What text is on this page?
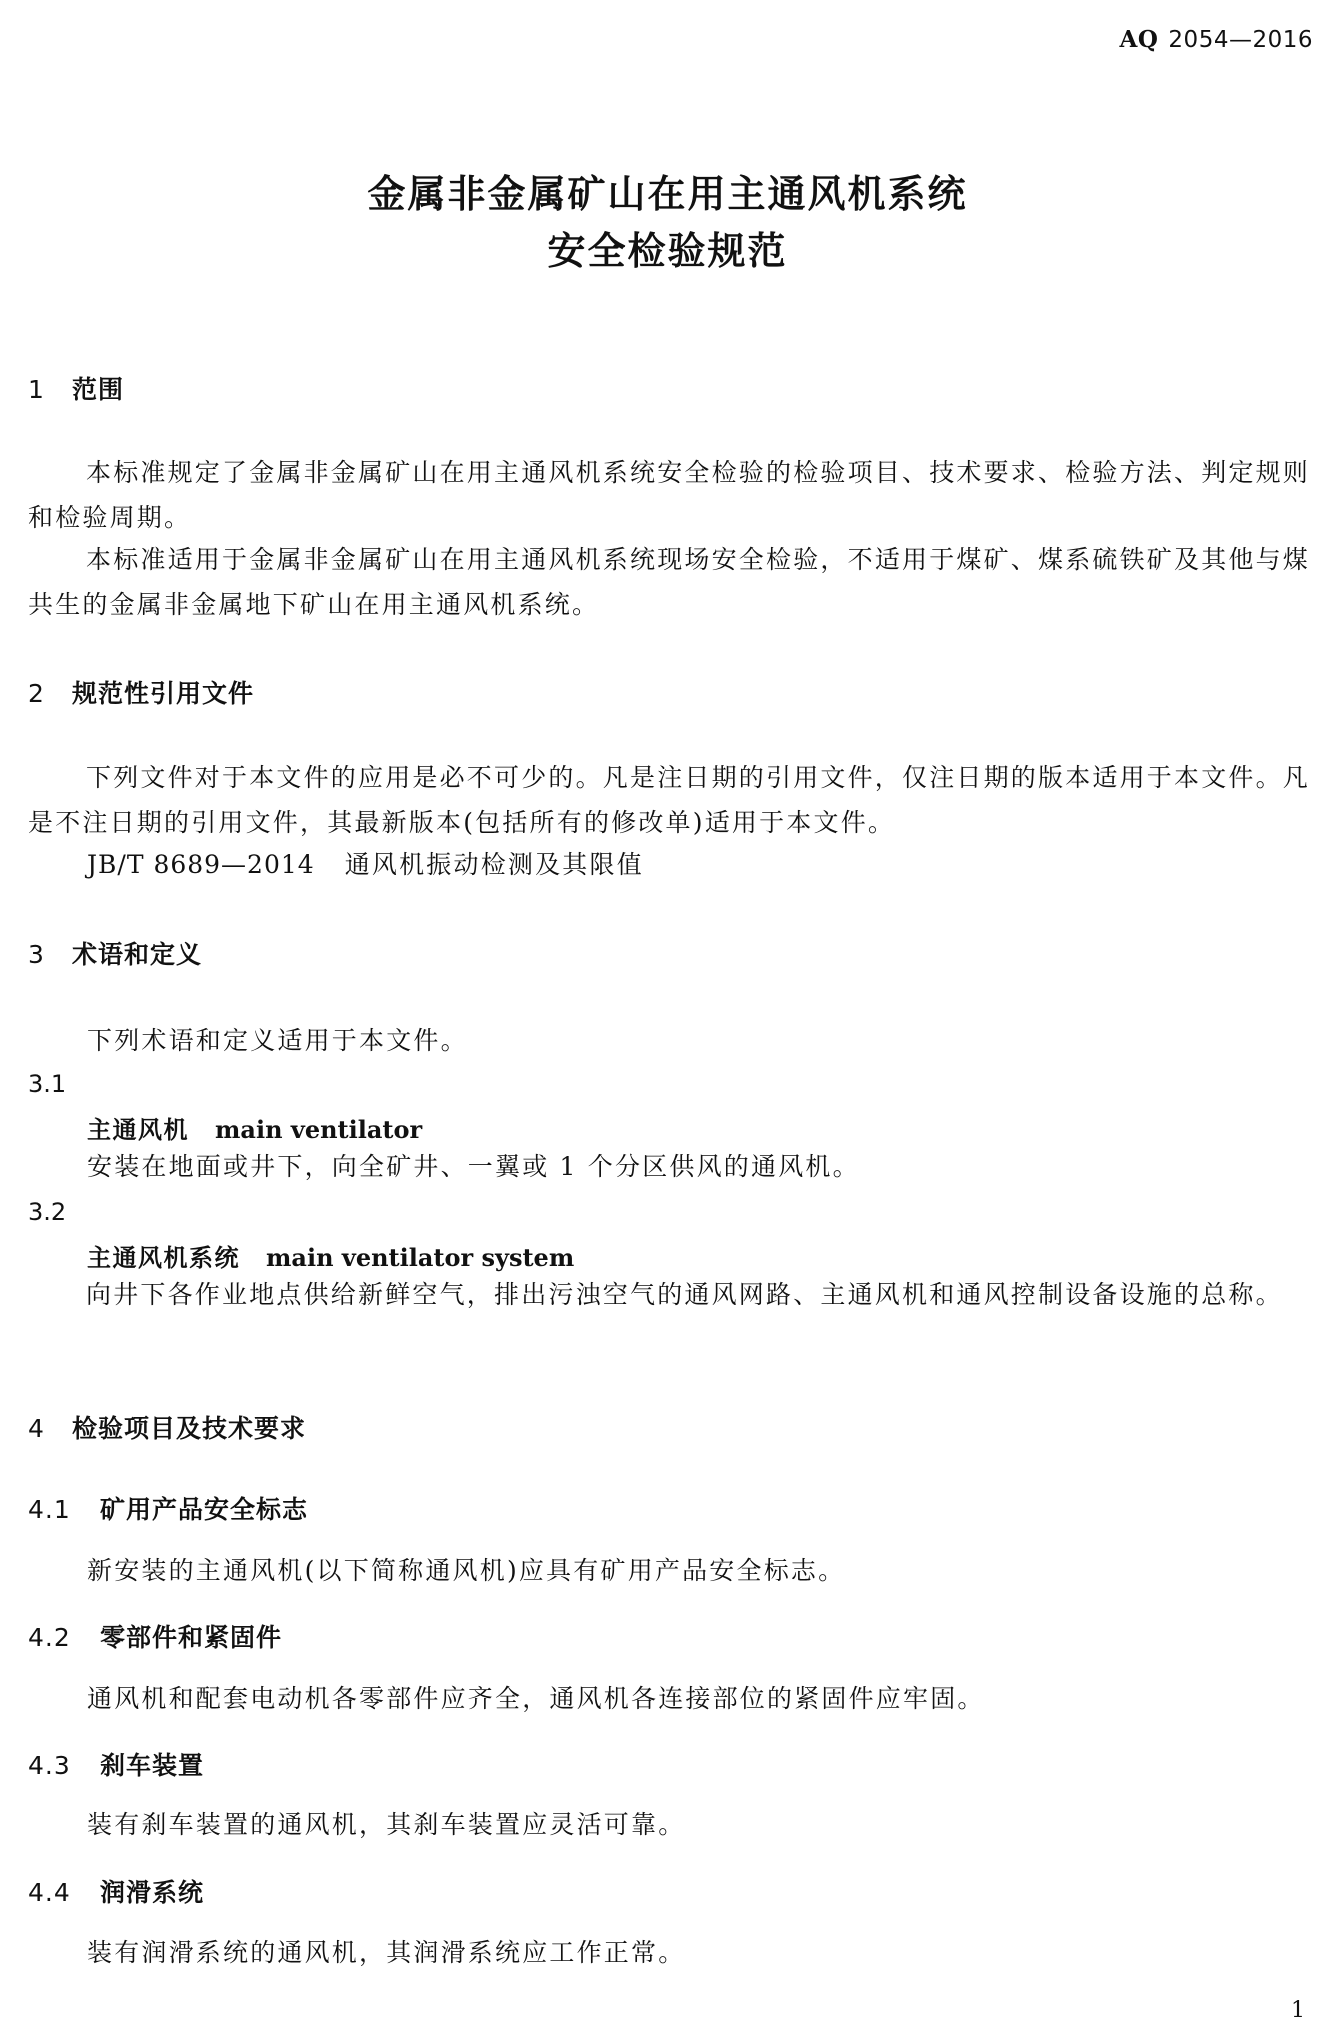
AQ 2054—2016
金属非金属矿山在用主通风机系统
安全检验规范
1 范围

本标准规定了金属非金属矿山在用主通风机系统安全检验的检验项目、技术要求、检验方法、判定规则和检验周期。

本标准适用于金属非金属矿山在用主通风机系统现场安全检验，不适用于煤矿、煤系硫铁矿及其他与煤共生的金属非金属地下矿山在用主通风机系统。

2 规范性引用文件

下列文件对于本文件的应用是必不可少的。凡是注日期的引用文件，仅注日期的版本适用于本文件。凡是不注日期的引用文件，其最新版本(包括所有的修改单)适用于本文件。

JB/T 8689—2014 通风机振动检测及其限值
3 术语和定义
下列术语和定义适用于本文件。
3.1
主通风机 main ventilator
安装在地面或井下，向全矿井、一翼或 1 个分区供风的通风机。
3.2
主通风机系统 main ventilator system

向井下各作业地点供给新鲜空气，排出污浊空气的通风网路、主通风机和通风控制设备设施的总称。

4 检验项目及技术要求
4.1 矿用产品安全标志
新安装的主通风机(以下简称通风机)应具有矿用产品安全标志。
4.2 零部件和紧固件
通风机和配套电动机各零部件应齐全，通风机各连接部位的紧固件应牢固。
4.3 刹车装置
装有刹车装置的通风机，其刹车装置应灵活可靠。
4.4 润滑系统
装有润滑系统的通风机，其润滑系统应工作正常。
1
